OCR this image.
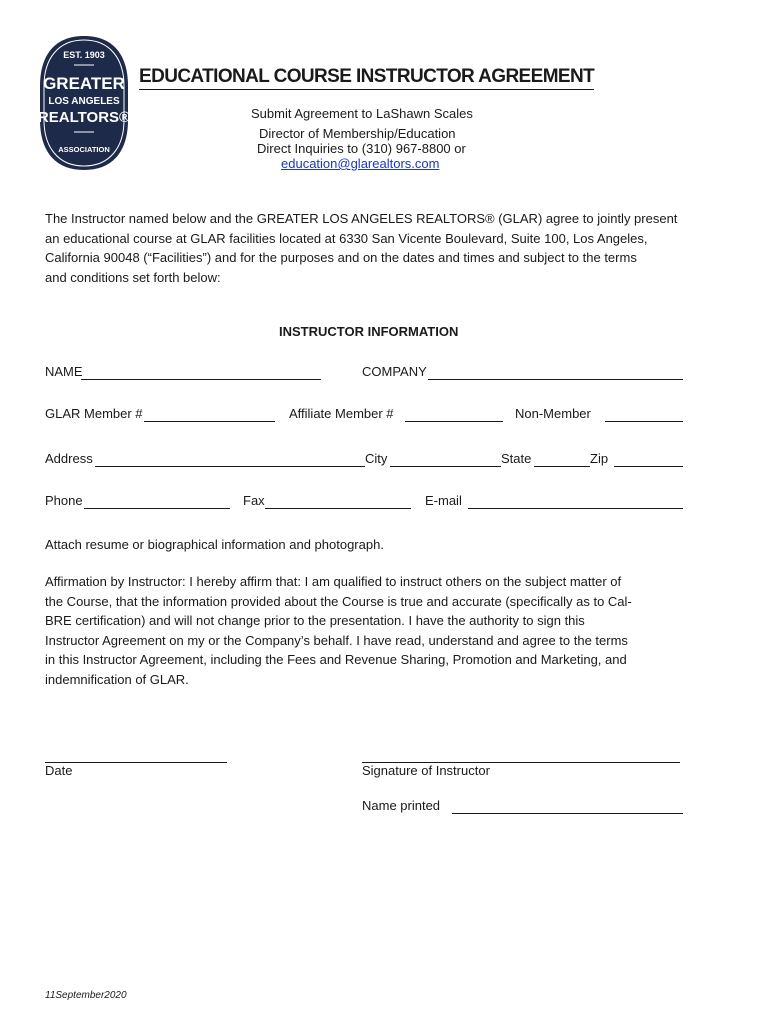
EST. 1903
GREATER
LOS ANGELES
REALTORS®
ASSOCIATION
EDUCATIONAL COURSE INSTRUCTOR AGREEMENT
Submit Agreement to LaShawn Scales
Director of Membership/Education
Direct Inquiries to (310) 967-8800 or
education@glarealtors.com
The Instructor named below and the GREATER LOS ANGELES REALTORS® (GLAR) agree to jointly present
an educational course at GLAR facilities located at 6330 San Vicente Boulevard, Suite 100, Los Angeles,
California 90048 (“Facilities”) and for the purposes and on the dates and times and subject to the terms
and conditions set forth below:
INSTRUCTOR INFORMATION
NAME	COMPANY
GLAR Member #	Affiliate Member #	Non-Member
Address	City	State	Zip
Phone	Fax	E-mail
Attach resume or biographical information and photograph.
Affirmation by Instructor: I hereby affirm that: I am qualified to instruct others on the subject matter of
the Course, that the information provided about the Course is true and accurate (specifically as to Cal-
BRE certification) and will not change prior to the presentation. I have the authority to sign this
Instructor Agreement on my or the Company’s behalf. I have read, understand and agree to the terms
in this Instructor Agreement, including the Fees and Revenue Sharing, Promotion and Marketing, and
indemnification of GLAR.
Date	Signature of Instructor
Name printed
11September2020
